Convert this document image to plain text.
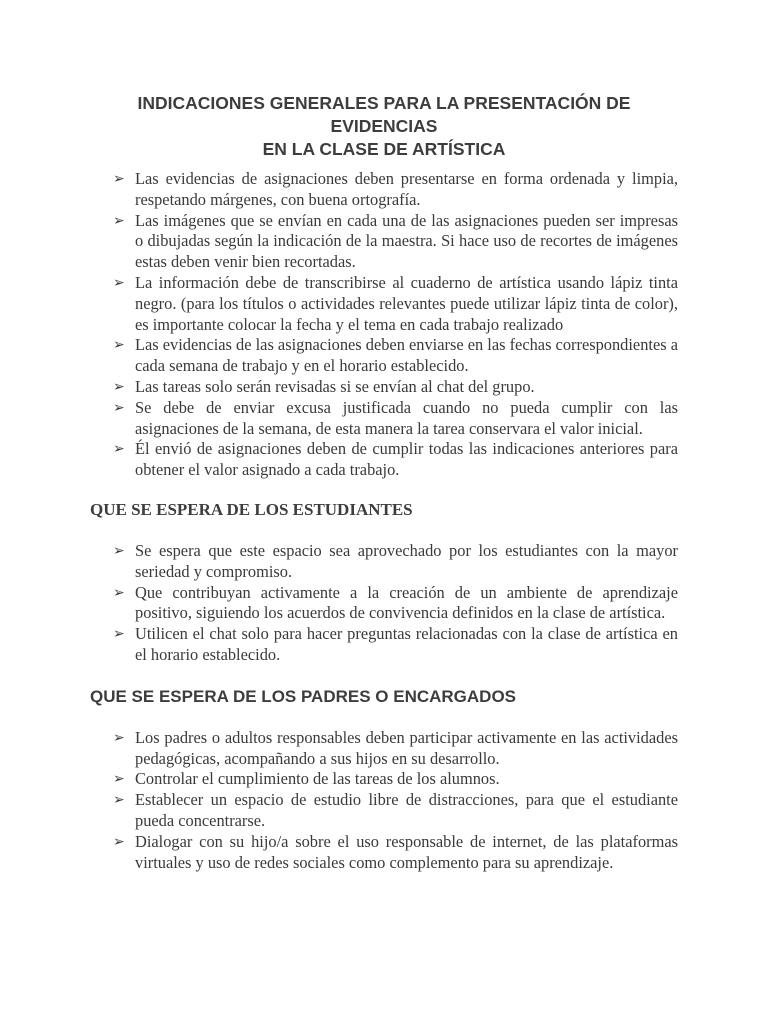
INDICACIONES GENERALES PARA LA PRESENTACIÓN DE EVIDENCIAS
EN LA CLASE DE ARTÍSTICA
➢ Las evidencias de asignaciones deben presentarse en forma ordenada y limpia, respetando márgenes, con buena ortografía.
➢ Las imágenes que se envían en cada una de las asignaciones pueden ser impresas o dibujadas según la indicación de la maestra. Si hace uso de recortes de imágenes estas deben venir bien recortadas.
➢ La información debe de transcribirse al cuaderno de artística usando lápiz tinta negro. (para los títulos o actividades relevantes puede utilizar lápiz tinta de color), es importante colocar la fecha y el tema en cada trabajo realizado
➢ Las evidencias de las asignaciones deben enviarse en las fechas correspondientes a cada semana de trabajo y en el horario establecido.
➢ Las tareas solo serán revisadas si se envían al chat del grupo.
➢ Se debe de enviar excusa justificada cuando no pueda cumplir con las asignaciones de la semana, de esta manera la tarea conservara el valor inicial.
➢ Él envió de asignaciones deben de cumplir todas las indicaciones anteriores para obtener el valor asignado a cada trabajo.
QUE SE ESPERA DE LOS ESTUDIANTES
➢ Se espera que este espacio sea aprovechado por los estudiantes con la mayor seriedad y compromiso.
➢ Que contribuyan activamente a la creación de un ambiente de aprendizaje positivo, siguiendo los acuerdos de convivencia definidos en la clase de artística.
➢ Utilicen el chat solo para hacer preguntas relacionadas con la clase de artística en el horario establecido.
QUE SE ESPERA DE LOS PADRES O ENCARGADOS
➢ Los padres o adultos responsables deben participar activamente en las actividades pedagógicas, acompañando a sus hijos en su desarrollo.
➢ Controlar el cumplimiento de las tareas de los alumnos.
➢ Establecer un espacio de estudio libre de distracciones, para que el estudiante pueda concentrarse.
➢ Dialogar con su hijo/a sobre el uso responsable de internet, de las plataformas virtuales y uso de redes sociales como complemento para su aprendizaje.
